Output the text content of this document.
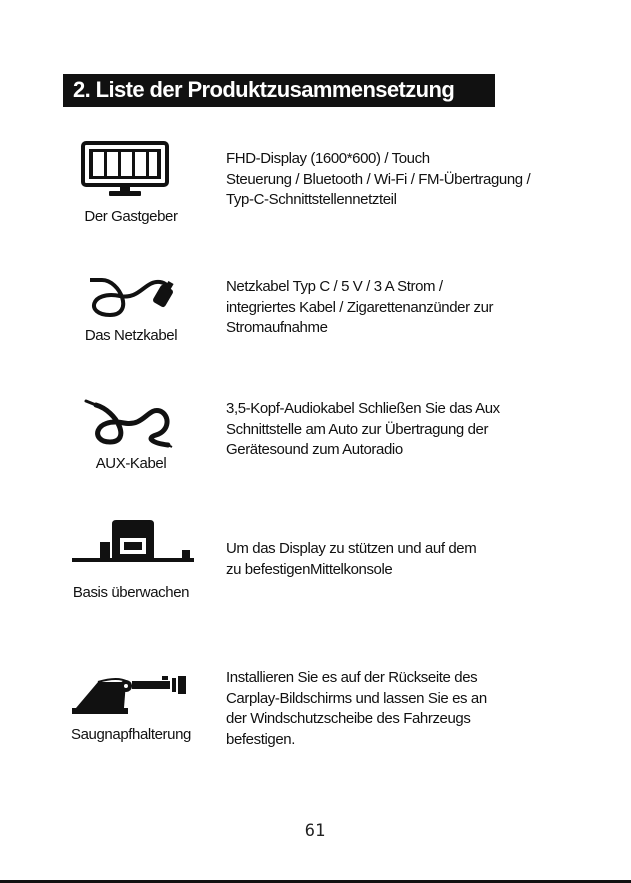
2. Liste der Produktzusammensetzung
Der Gastgeber
FHD-Display (1600*600) / Touch
Steuerung / Bluetooth / Wi-Fi / FM-Übertragung /
Typ-C-Schnittstellennetzteil
Das Netzkabel
Netzkabel Typ C / 5 V / 3 A Strom /
integriertes Kabel / Zigarettenanzünder zur
Stromaufnahme
AUX-Kabel
3,5-Kopf-Audiokabel Schließen Sie das Aux
Schnittstelle am Auto zur Übertragung der
Gerätesound zum Autoradio
Basis überwachen
Um das Display zu stützen und auf dem
zu befestigenMittelkonsole
Saugnapfhalterung
Installieren Sie es auf der Rückseite des
Carplay-Bildschirms und lassen Sie es an
der Windschutzscheibe des Fahrzeugs
befestigen.
61
